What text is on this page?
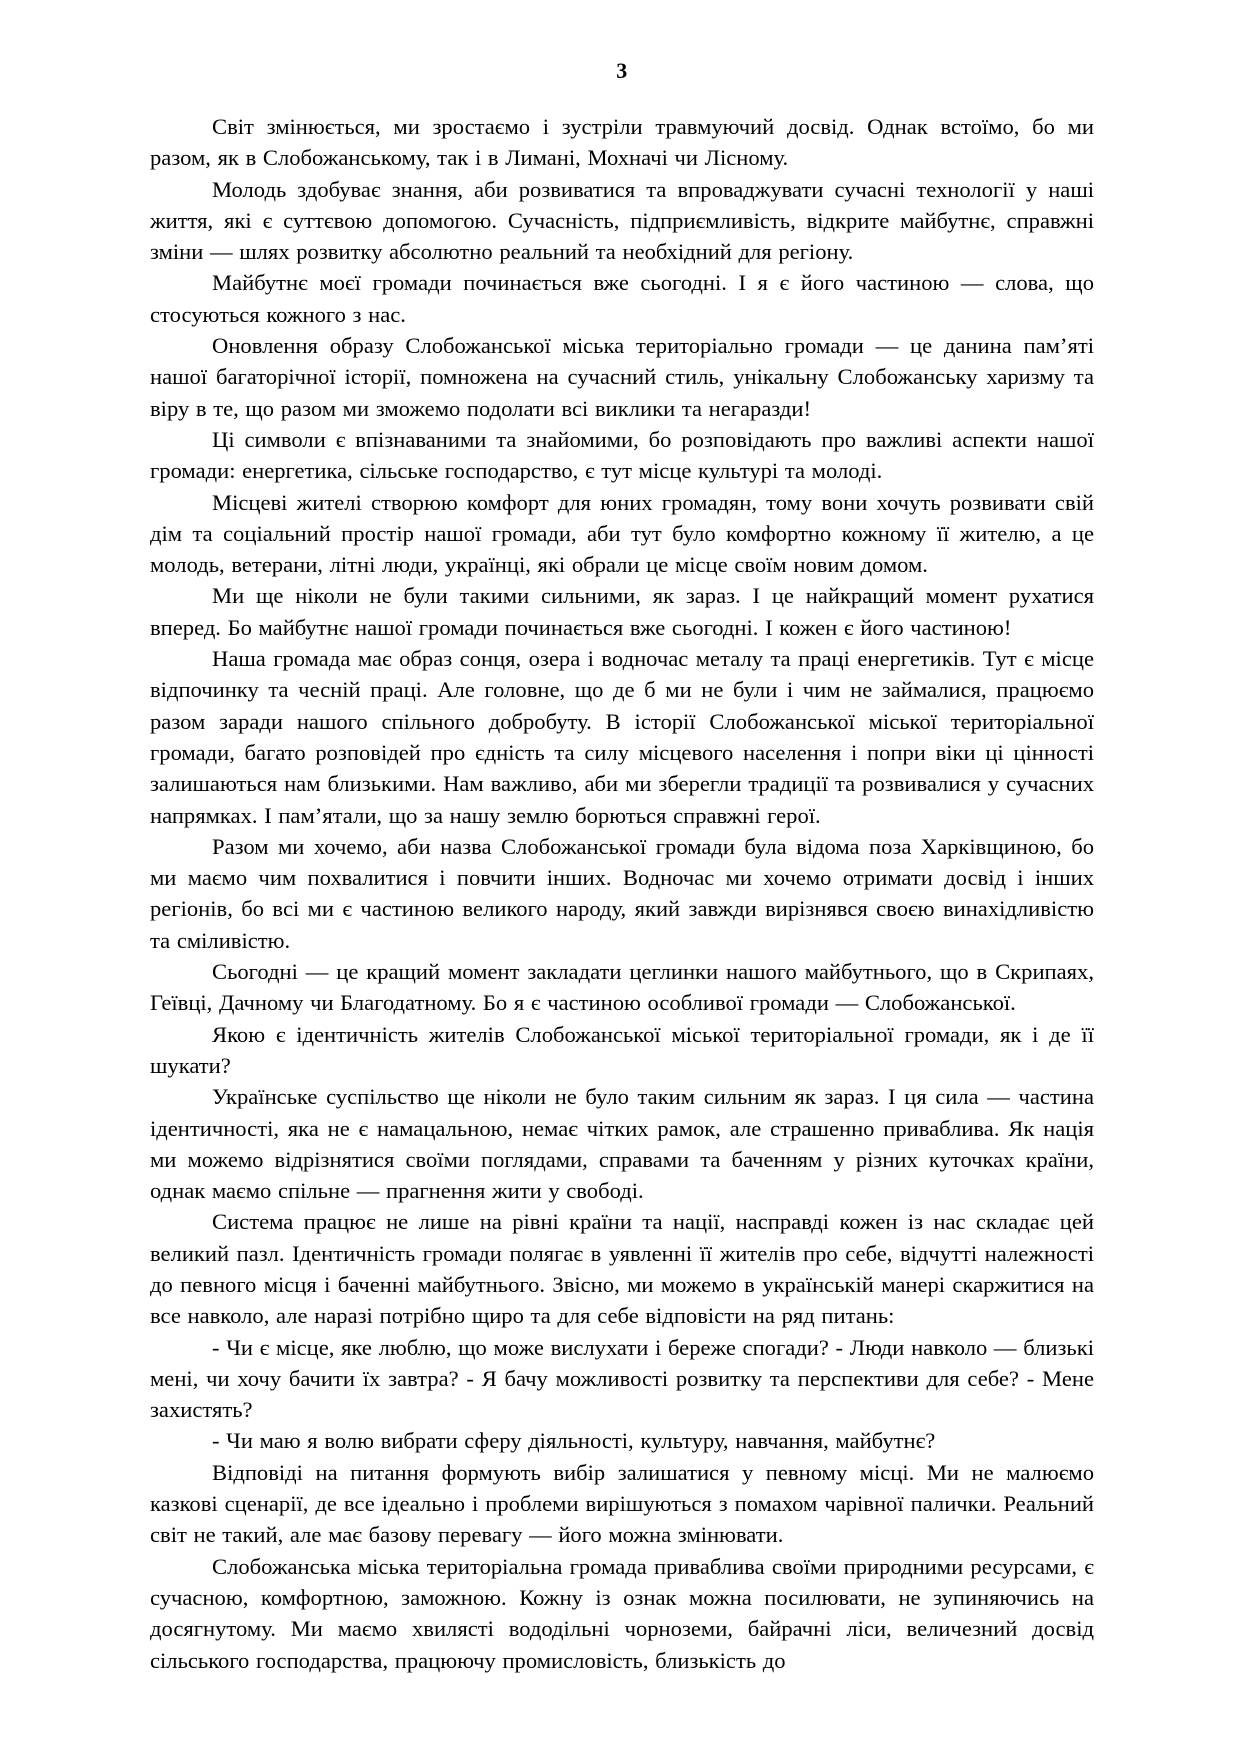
3

Світ змінюється, ми зростаємо і зустріли травмуючий досвід. Однак встоїмо, бо ми разом, як в Слобожанському, так і в Лимані, Мохначі чи Лісному.

Молодь здобуває знання, аби розвиватися та впроваджувати сучасні технології у наші життя, які є суттєвою допомогою. Сучасність, підприємливість, відкрите майбутнє, справжні зміни — шлях розвитку абсолютно реальний та необхідний для регіону.

Майбутнє моєї громади починається вже сьогодні. І я є його частиною — слова, що стосуються кожного з нас.

Оновлення образу Слобожанської міська територіально громади — це данина пам’яті нашої багаторічної історії, помножена на сучасний стиль, унікальну Слобожанську харизму та віру в те, що разом ми зможемо подолати всі виклики та негаразди!

Ці символи є впізнаваними та знайомими, бо розповідають про важливі аспекти нашої громади: енергетика, сільське господарство, є тут місце культурі та молоді.

Місцеві жителі створюю комфорт для юних громадян, тому вони хочуть розвивати свій дім та соціальний простір нашої громади, аби тут було комфортно кожному її жителю, а це молодь, ветерани, літні люди, українці, які обрали це місце своїм новим домом.

Ми ще ніколи не були такими сильними, як зараз. І це найкращий момент рухатися вперед. Бо майбутнє нашої громади починається вже сьогодні. І кожен є його частиною!

Наша громада має образ сонця, озера і водночас металу та праці енергетиків. Тут є місце відпочинку та чесній праці. Але головне, що де б ми не були і чим не займалися, працюємо разом заради нашого спільного добробуту. В історії Слобожанської міської територіальної громади, багато розповідей про єдність та силу місцевого населення і попри віки ці цінності залишаються нам близькими. Нам важливо, аби ми зберегли традиції та розвивалися у сучасних напрямках. І пам’ятали, що за нашу землю борються справжні герої.

Разом ми хочемо, аби назва Слобожанської громади була відома поза Харківщиною, бо ми маємо чим похвалитися і повчити інших. Водночас ми хочемо отримати досвід і інших регіонів, бо всі ми є частиною великого народу, який завжди вирізнявся своєю винахідливістю та сміливістю.

Сьогодні — це кращий момент закладати цеглинки нашого майбутнього, що в Скрипаях, Геївці, Дачному чи Благодатному. Бо я є частиною особливої громади — Слобожанської.

Якою є ідентичність жителів Слобожанської міської територіальної громади, як і де її шукати?

Українське суспільство ще ніколи не було таким сильним як зараз. І ця сила — частина ідентичності, яка не є намацальною, немає чітких рамок, але страшенно приваблива. Як нація ми можемо відрізнятися своїми поглядами, справами та баченням у різних куточках країни, однак маємо спільне — прагнення жити у свободі.

Система працює не лише на рівні країни та нації, насправді кожен із нас складає цей великий пазл. Ідентичність громади полягає в уявленні її жителів про себе, відчутті належності до певного місця і баченні майбутнього. Звісно, ми можемо в українській манері скаржитися на все навколо, але наразі потрібно щиро та для себе відповісти на ряд питань:

- Чи є місце, яке люблю, що може вислухати і береже спогади? - Люди навколо — близькі мені, чи хочу бачити їх завтра? - Я бачу можливості розвитку та перспективи для себе? - Мене захистять?

- Чи маю я волю вибрати сферу діяльності, культуру, навчання, майбутнє?

Відповіді на питання формують вибір залишатися у певному місці. Ми не малюємо казкові сценарії, де все ідеально і проблеми вирішуються з помахом чарівної палички. Реальний світ не такий, але має базову перевагу — його можна змінювати.

Слобожанська міська територіальна громада приваблива своїми природними ресурсами, є сучасною, комфортною, заможною. Кожну із ознак можна посилювати, не зупиняючись на досягнутому. Ми маємо хвилясті вододільні чорноземи, байрачні ліси, величезний досвід сільського господарства, працюючу промисловість, близькість до
